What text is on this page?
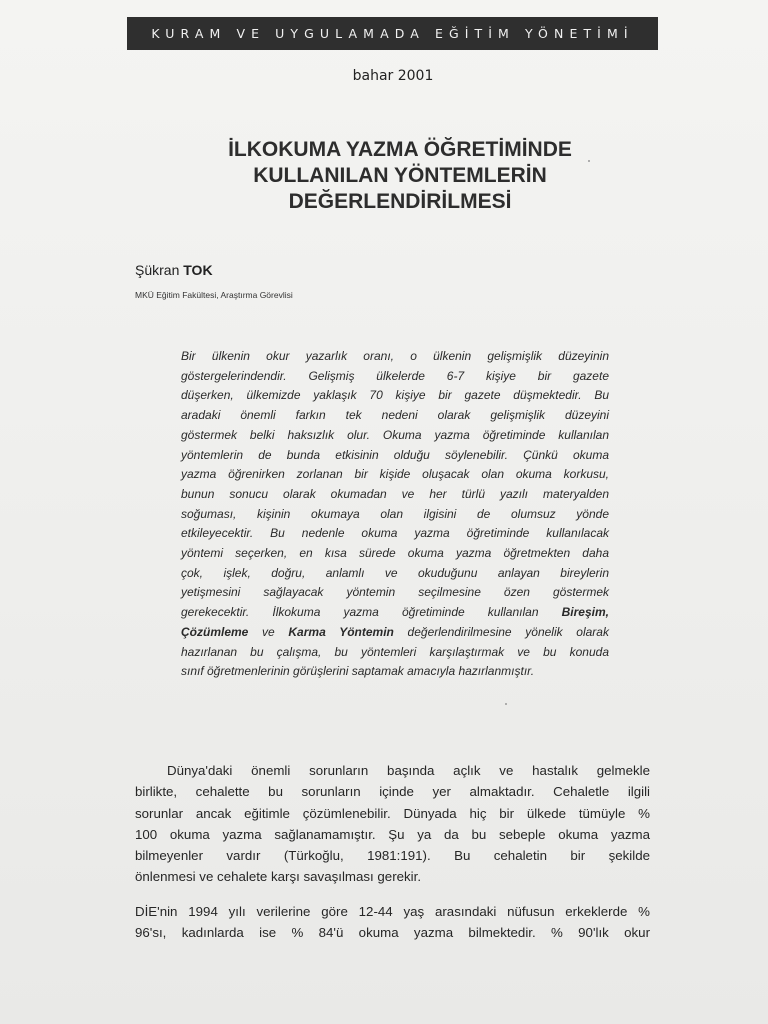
KURAM VE UYGULAMADA EĞİTİM YÖNETİMİ
bahar 2001
İLKOKUMA YAZMA ÖĞRETİMİNDE
KULLANILAN YÖNTEMLERİN
DEĞERLENDİRİLMESİ
Şükran TOK
MKÜ Eğitim Fakültesi, Araştırma Görevlisi
Bir ülkenin okur yazarlık oranı, o ülkenin gelişmişlik düzeyinin
göstergelerindendir. Gelişmiş ülkelerde 6-7 kişiye bir gazete
düşerken, ülkemizde yaklaşık 70 kişiye bir gazete düşmektedir. Bu
aradaki önemli farkın tek nedeni olarak gelişmişlik düzeyini
göstermek belki haksızlık olur. Okuma yazma öğretiminde kullanılan
yöntemlerin de bunda etkisinin olduğu söylenebilir. Çünkü okuma
yazma öğrenirken zorlanan bir kişide oluşacak olan okuma korkusu,
bunun sonucu olarak okumadan ve her türlü yazılı materyalden
soğuması, kişinin okumaya olan ilgisini de olumsuz yönde
etkileyecektir. Bu nedenle okuma yazma öğretiminde kullanılacak
yöntemi seçerken, en kısa sürede okuma yazma öğretmekten daha
çok, işlek, doğru, anlamlı ve okuduğunu anlayan bireylerin
yetişmesini sağlayacak yöntemin seçilmesine özen göstermek
gerekecektir. İlkokuma yazma öğretiminde kullanılan Bireşim,
Çözümleme ve Karma Yöntemin değerlendirilmesine yönelik olarak
hazırlanan bu çalışma, bu yöntemleri karşılaştırmak ve bu konuda
sınıf öğretmenlerinin görüşlerini saptamak amacıyla hazırlanmıştır.
Dünya'daki önemli sorunların başında açlık ve hastalık gelmekle
birlikte, cehalette bu sorunların içinde yer almaktadır. Cehaletle ilgili
sorunlar ancak eğitimle çözümlenebilir. Dünyada hiç bir ülkede tümüyle %
100 okuma yazma sağlanamamıştır. Şu ya da bu sebeple okuma yazma
bilmeyenler vardır (Türkoğlu, 1981:191). Bu cehaletin bir şekilde
önlenmesi ve cehalete karşı savaşılması gerekir.
DİE'nin 1994 yılı verilerine göre 12-44 yaş arasındaki nüfusun erkeklerde %
96'sı, kadınlarda ise % 84'ü okuma yazma bilmektedir. % 90'lık okur
